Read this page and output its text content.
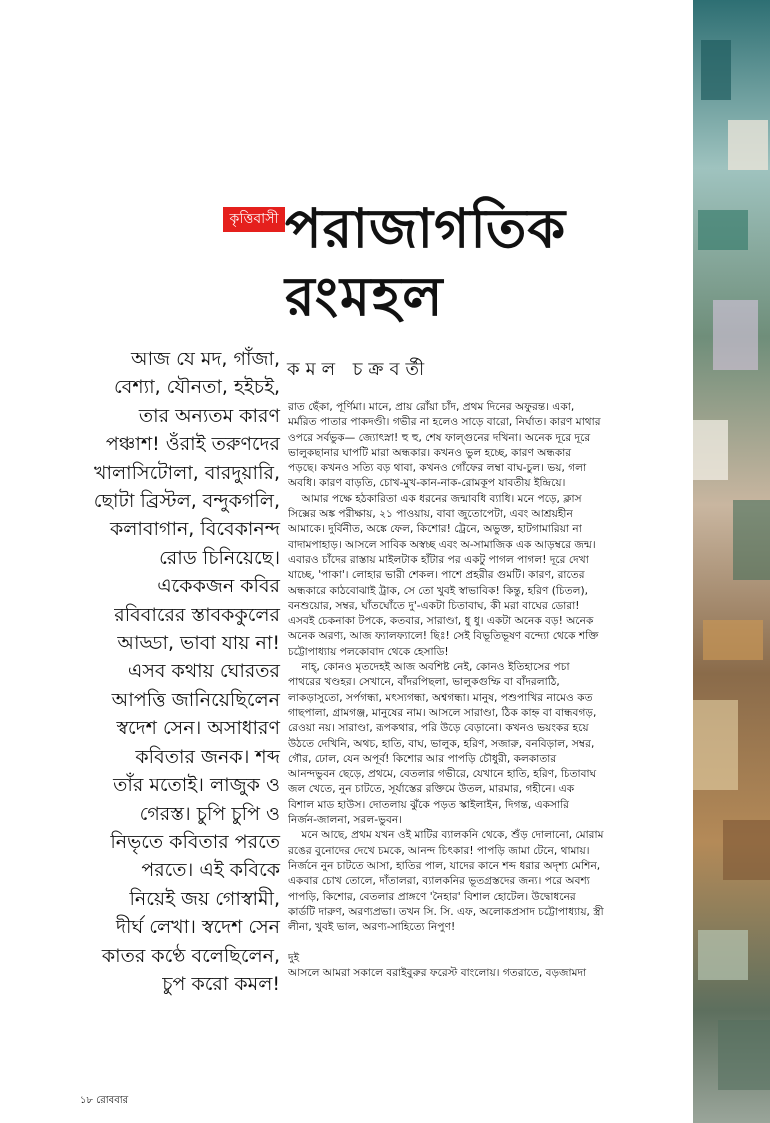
কৃত্তিবাসী পরাজাগতিক
রংমহল
কমল চক্রবর্তী
আজ যে মদ, গাঁজা,
বেশ্যা, যৌনতা, হইচই,
তার অন্যতম কারণ
পঞ্চাশ! ওঁরাই তরুণদের
খালাসিটোলা, বারদুয়ারি,
ছোটা ব্রিস্টল, বন্দুকগলি,
কলাবাগান, বিবেকানন্দ
রোড চিনিয়েছে।
একেকজন কবির
রবিবারের স্তাবককুলের
আড্ডা, ভাবা যায় না!
এসব কথায় ঘোরতর
আপত্তি জানিয়েছিলেন
স্বদেশ সেন। অসাধারণ
কবিতার জনক। শব্দ
তাঁর মতোই। লাজুক ও
গেরস্ত। চুপি চুপি ও
নিভৃতে কবিতার পরতে
পরতে। এই কবিকে
নিয়েই জয় গোস্বামী,
দীর্ঘ লেখা। স্বদেশ সেন
কাতর কণ্ঠে বলেছিলেন,
চুপ করো কমল!
রাত ছেঁকা, পূর্ণিমা। মানে, প্রায় রোঁয়া চাঁদ, প্রথম দিনের অফুরন্ত। একা,
মর্মরিত পাতার পাকদণ্ডী। গভীর না হলেও সাড়ে বারো, নির্ঘাত। কারণ মাথার
ওপরে সর্বভুক— জ্যোৎস্না! হু হু, শেষ ফাল্গুনের দখিনা। অনেক দূরে দূরে
ভালুকছানার ঘাপটি মারা অন্ধকার। কখনও ভুল হচ্ছে, কারণ অন্ধকার
পড়ছে। কখনও সত্যি বড় থাবা, কখনও গোঁফের লম্বা বাঘ-চুল। ভয়, গলা
অবধি। কারণ বাড়তি, চোখ-মুখ-কান-নাক-রোমকূপ যাবতীয় ইন্দ্রিয়ে।
আমার পক্ষে হঠকারিতা এক ধরনের জন্মাবধি ব্যাধি। মনে পড়ে, ক্লাস
সিক্সের অঙ্ক পরীক্ষায়, ২১ পাওয়ায়, বাবা জুতোপেটা, এবং আশ্রয়হীন
আমাকে। দুর্বিনীত, অঙ্কে ফেল, কিশোর! ট্রেনে, অভুক্ত, হাটগামারিয়া না
বাদামপাহাড়। আসলে সাবিক অস্বচ্ছ এবং অ-সামাজিক এক আড়ম্বরে জন্ম।
এবারও চাঁদের রাস্তায় মাইলটাক হাঁটার পর একটু পাগল পাগল! দূরে দেখা
যাচ্ছে, 'পাকা'। লোহার ভারী শেকল। পাশে প্রহরীর গুমটি। কারণ, রাতের
অন্ধকারে কাঠবোঝাই ট্রাক, সে তো খুবই স্বাভাবিক! কিন্তু, হরিণ (চিতল),
বনশুয়োর, সম্বর, ঘাঁতঘোঁতে দু'-একটা চিতাবাঘ, কী মরা বাঘের ডোরা!
এসবই চেকনাকা টপকে, কতবার, সারাণ্ডা, ধু ধু। একটা অনেক বড়! অনেক
অনেক অরণ্য, আজ ফ্যালফ্যালে! ছিঃ! সেই বিভূতিভূষণ বন্দ্যো থেকে শক্তি
চট্টোপাধ্যায় পলকোবাদ থেকে হেসাডি!
নাহ্‌, কোনও মৃতদেহই আজ অবশিষ্ট নেই, কোনও ইতিহাসের পচা
পাথরের খণ্ডহর। সেখানে, বাঁদরপিছলা, ভালুকগুম্ফি বা বাঁদরলাঠি,
লাকড়াসুতো, সর্পগন্ধা, মৎস্যগন্ধা, অশ্বগন্ধা। মানুষ, পশুপাখির নামেও কত
গাছপালা, গ্রামগঞ্জ, মানুষের নাম। আসলে সারাণ্ডা, ঠিক কাহ্ন বা বান্ধবগড়,
রেওয়া নয়। সারাণ্ডা, রূপকথার, পরি উড়ে বেড়ানো। কখনও ভয়ংকর হয়ে
উঠতে দেখিনি, অথচ, হাতি, বাঘ, ভালুক, হরিণ, সজারু, বনবিড়াল, সম্বর,
গৌর, ঢোল, যেন অপূর্ব! কিশোর আর পাপড়ি চৌধুরী, কলকাতার
আনন্দভুবন ছেড়ে, প্রথমে, বেতলার গভীরে, যেখানে হাতি, হরিণ, চিতাবাঘ
জল খেতে, নুন চাটতে, সূর্যাস্তের রক্তিমে উতল, মারমার, গহীনে। এক
বিশাল মাড হাউস। দোতলায় ঝুঁকে পড়ত স্কাইলাইন, দিগন্ত, একসারি
নির্জন-জালনা, সরল-ভুবন।
মনে আছে, প্রথম যখন ওই মাটির ব্যালকনি থেকে, শুঁড় দোলানো, মোরাম
রঙের বুনোদের দেখে চমকে, আনন্দ চিৎকার! পাপড়ি জামা টেনে, থামায়।
নির্জনে নুন চাটতে আসা, হাতির পাল, যাদের কানে শব্দ ধরার অদৃশ্য মেশিন,
একবার চোখ তোলে, দাঁতালরা, ব্যালকনির ভূতগ্রস্তদের জন্য। পরে অবশ্য
পাপড়ি, কিশোর, বেতলার প্রাঙ্গণে 'নৈহার' বিশাল হোটেল। উদ্বোধনের
কার্ডটি দারুণ, অরণ্যপ্রভা। তখন সি. সি. এফ, অলোকপ্রসাদ চট্টোপাধ্যায়, স্ত্রী
লীনা, খুবই ভাল, অরণ্য-সাহিত্যে নিপুণ!
দুই
আসলে আমরা সকালে বরাইবুরুর ফরেস্ট বাংলোয়। গতরাতে, বড়জামদা
১৮ রোববার
